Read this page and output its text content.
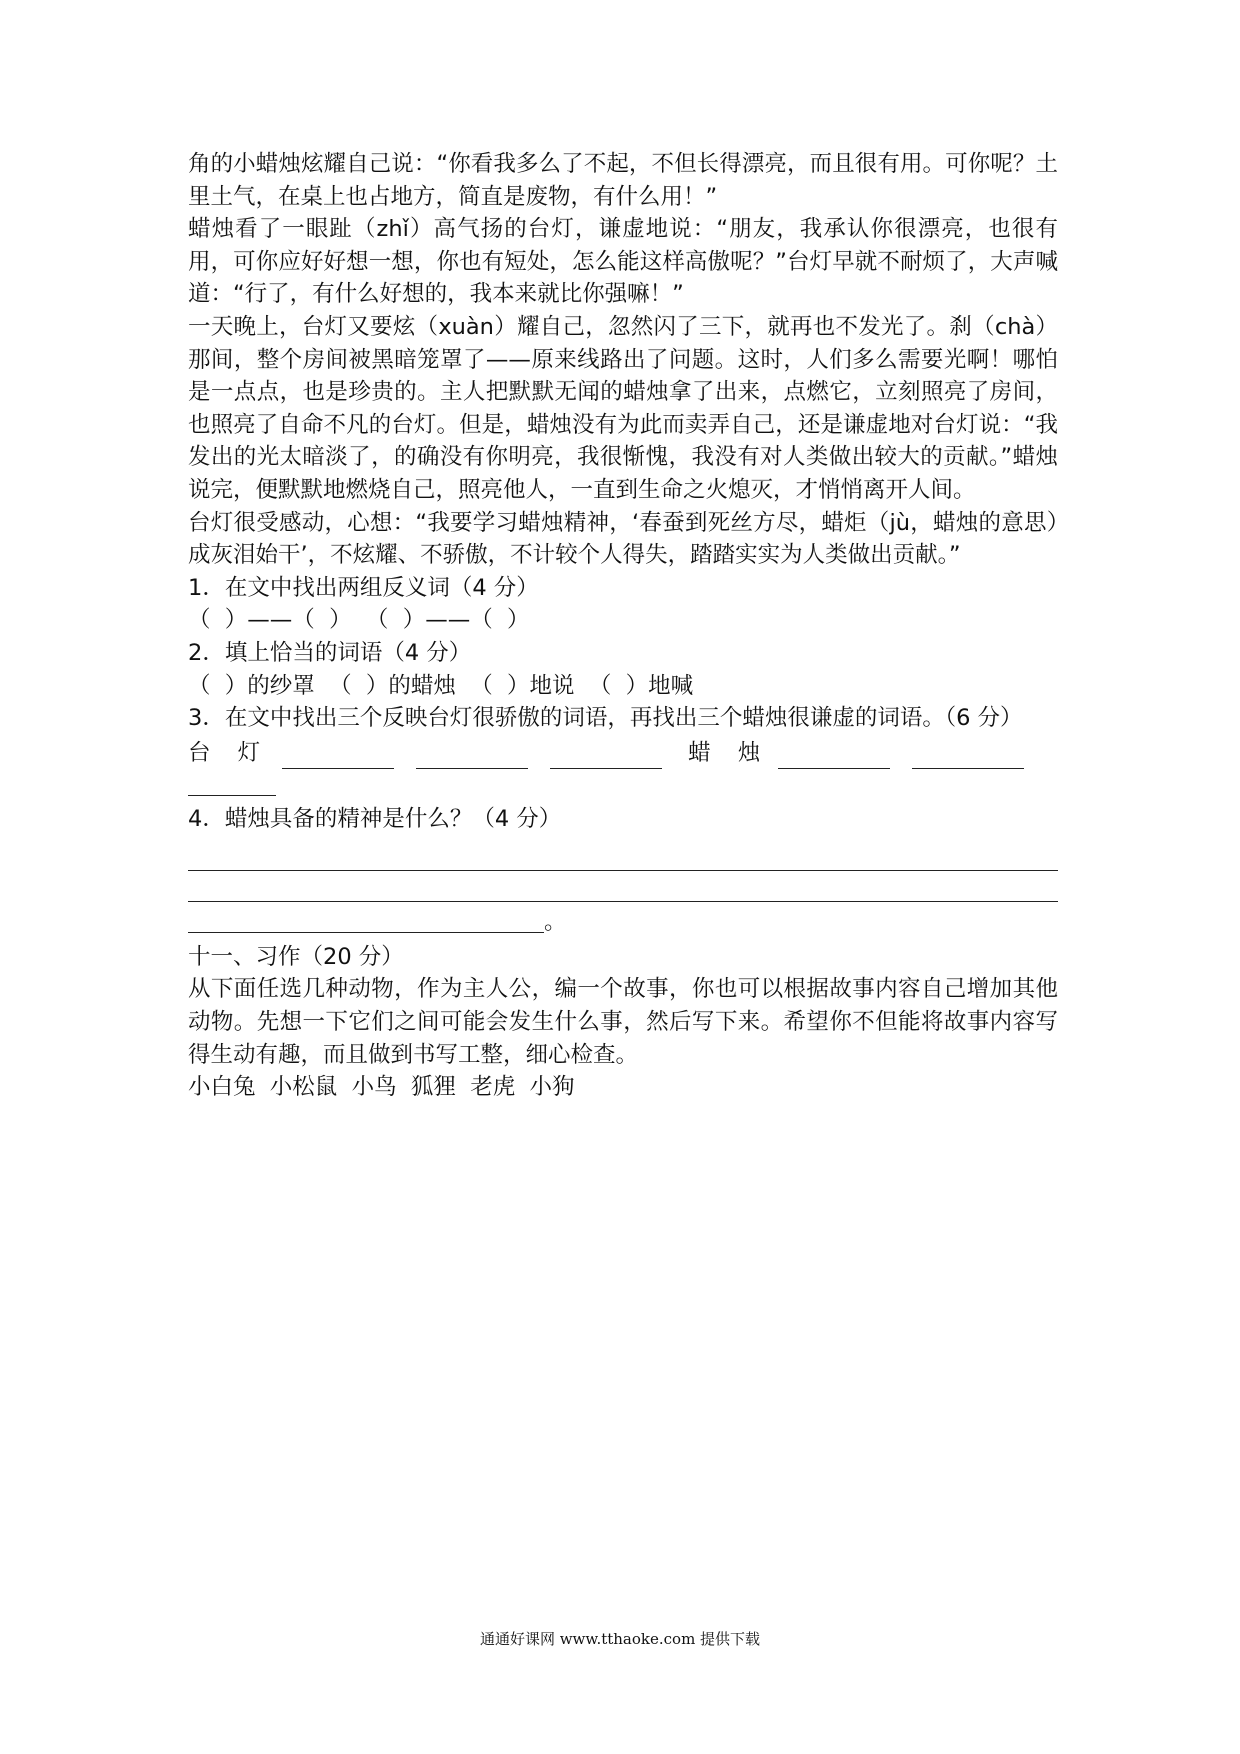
角的小蜡烛炫耀自己说：“你看我多么了不起，不但长得漂亮，而且很有用。可你呢？土里土气，在桌上也占地方，简直是废物，有什么用！”

蜡烛看了一眼趾（zhǐ）高气扬的台灯，谦虚地说：“朋友，我承认你很漂亮，也很有用，可你应好好想一想，你也有短处，怎么能这样高傲呢？”台灯早就不耐烦了，大声喊道：“行了，有什么好想的，我本来就比你强嘛！”

一天晚上，台灯又要炫（xuàn）耀自己，忽然闪了三下，就再也不发光了。刹（chà）那间，整个房间被黑暗笼罩了——原来线路出了问题。这时，人们多么需要光啊！哪怕是一点点，也是珍贵的。主人把默默无闻的蜡烛拿了出来，点燃它，立刻照亮了房间，也照亮了自命不凡的台灯。但是，蜡烛没有为此而卖弄自己，还是谦虚地对台灯说：“我发出的光太暗淡了，的确没有你明亮，我很惭愧，我没有对人类做出较大的贡献。”蜡烛说完，便默默地燃烧自己，照亮他人，一直到生命之火熄灭，才悄悄离开人间。

台灯很受感动，心想：“我要学习蜡烛精神，‘春蚕到死丝方尽，蜡炬（jù，蜡烛的意思）成灰泪始干’，不炫耀、不骄傲，不计较个人得失，踏踏实实为人类做出贡献。”

1．在文中找出两组反义词（4 分）

（  ）——（  ）  （  ）——（  ）

2．填上恰当的词语（4 分）

（  ）的纱罩  （  ）的蜡烛  （  ）地说  （  ）地喊

3．在文中找出三个反映台灯很骄傲的词语，再找出三个蜡烛很谦虚的词语。（6 分）

台 灯	蜡 烛

4．蜡烛具备的精神是什么？（4 分）

。

十一、习作（20 分）

从下面任选几种动物，作为主人公，编一个故事，你也可以根据故事内容自己增加其他动物。先想一下它们之间可能会发生什么事，然后写下来。希望你不但能将故事内容写得生动有趣，而且做到书写工整，细心检查。

小白兔  小松鼠  小鸟  狐狸  老虎  小狗

通通好课网 www.tthaoke.com 提供下载
